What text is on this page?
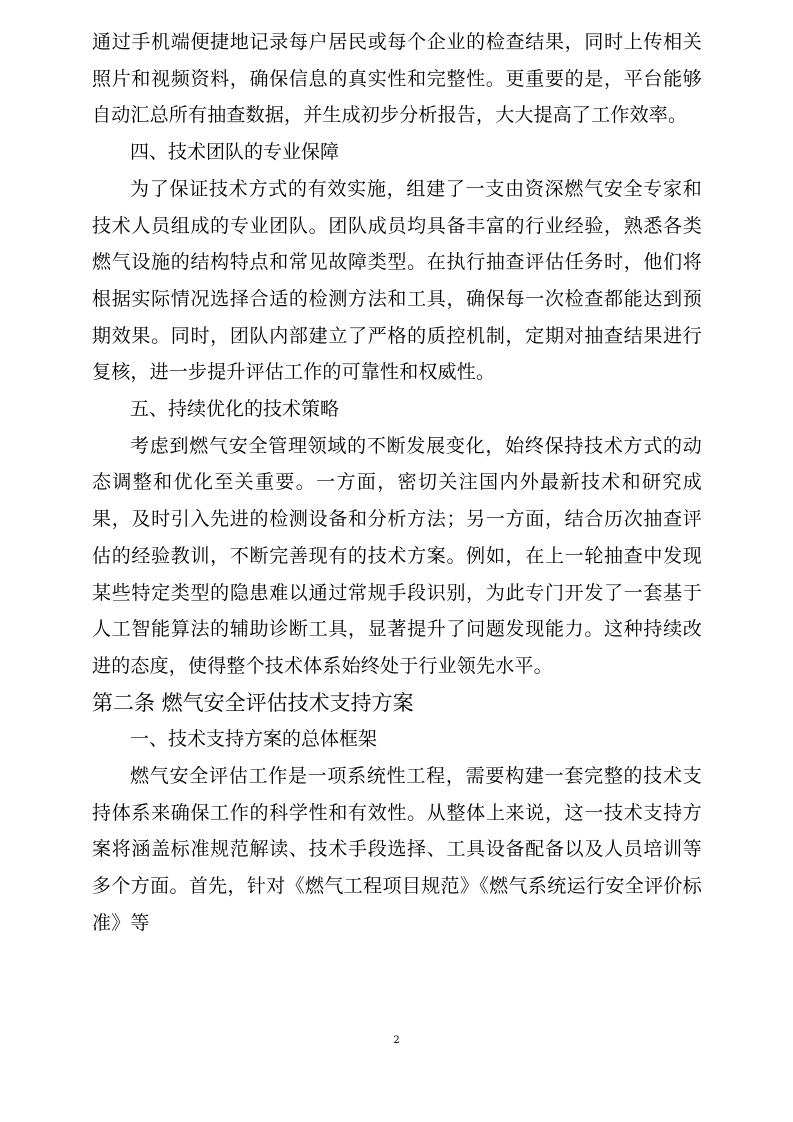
通过手机端便捷地记录每户居民或每个企业的检查结果，同时上传相关照片和视频资料，确保信息的真实性和完整性。更重要的是，平台能够自动汇总所有抽查数据，并生成初步分析报告，大大提高了工作效率。

四、技术团队的专业保障

为了保证技术方式的有效实施，组建了一支由资深燃气安全专家和技术人员组成的专业团队。团队成员均具备丰富的行业经验，熟悉各类燃气设施的结构特点和常见故障类型。在执行抽查评估任务时，他们将根据实际情况选择合适的检测方法和工具，确保每一次检查都能达到预期效果。同时，团队内部建立了严格的质控机制，定期对抽查结果进行复核，进一步提升评估工作的可靠性和权威性。

五、持续优化的技术策略

考虑到燃气安全管理领域的不断发展变化，始终保持技术方式的动态调整和优化至关重要。一方面，密切关注国内外最新技术和研究成果，及时引入先进的检测设备和分析方法；另一方面，结合历次抽查评估的经验教训，不断完善现有的技术方案。例如，在上一轮抽查中发现某些特定类型的隐患难以通过常规手段识别，为此专门开发了一套基于人工智能算法的辅助诊断工具，显著提升了问题发现能力。这种持续改进的态度，使得整个技术体系始终处于行业领先水平。

第二条 燃气安全评估技术支持方案

一、技术支持方案的总体框架

燃气安全评估工作是一项系统性工程，需要构建一套完整的技术支持体系来确保工作的科学性和有效性。从整体上来说，这一技术支持方案将涵盖标准规范解读、技术手段选择、工具设备配备以及人员培训等多个方面。首先，针对《燃气工程项目规范》《燃气系统运行安全评价标准》等

2
